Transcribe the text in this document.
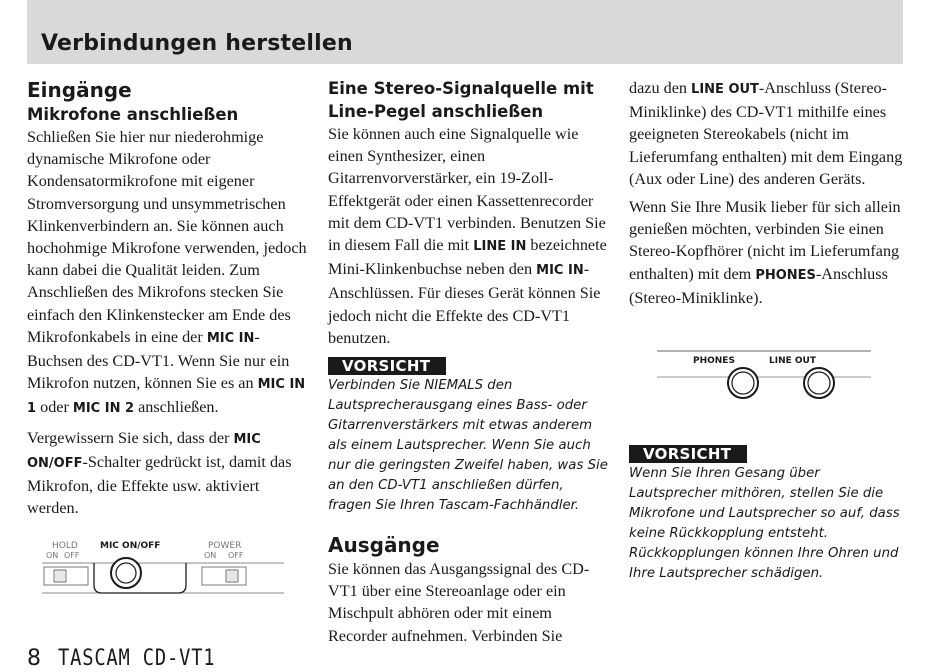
Verbindungen herstellen
Eingänge
Mikrofone anschließen

Schließen Sie hier nur niederohmige dynamische Mikrofone oder Kondensatormikrofone mit eigener Stromversorgung und unsymmetrischen Klinkenverbindern an. Sie können auch hochohmige Mikrofone verwenden, jedoch kann dabei die Qualität leiden. Zum Anschließen des Mikrofons stecken Sie einfach den Klinkenstecker am Ende des Mikrofonkabels in eine der MIC IN-Buchsen des CD-VT1. Wenn Sie nur ein Mikrofon nutzen, können Sie es an MIC IN 1 oder MIC IN 2 anschließen.

Vergewissern Sie sich, dass der MIC ON/OFF-Schalter gedrückt ist, damit das Mikrofon, die Effekte usw. aktiviert werden.

HOLD
ON OFF
MIC ON/OFF	POWER
ON OFF
Eine Stereo-Signalquelle mit Line-Pegel anschließen

Sie können auch eine Signalquelle wie einen Synthesizer, einen Gitarrenvorverstärker, ein 19-Zoll-Effektgerät oder einen Kassettenrecorder mit dem CD-VT1 verbinden. Benutzen Sie in diesem Fall die mit LINE IN bezeichnete Mini-Klinkenbuchse neben den MIC IN-Anschlüssen. Für dieses Gerät können Sie jedoch nicht die Effekte des CD-VT1 benutzen.

VORSICHT

Verbinden Sie NIEMALS den Lautsprecherausgang eines Bass- oder Gitarrenverstärkers mit etwas anderem als einem Lautsprecher. Wenn Sie auch nur die geringsten Zweifel haben, was Sie an den CD-VT1 anschließen dürfen, fragen Sie Ihren Tascam-Fachhändler.

Ausgänge

Sie können das Ausgangssignal des CD-VT1 über eine Stereoanlage oder ein Mischpult abhören oder mit einem Recorder aufnehmen. Verbinden Sie

dazu den LINE OUT-Anschluss (Stereo-Miniklinke) des CD-VT1 mithilfe eines geeigneten Stereokabels (nicht im Lieferumfang enthalten) mit dem Eingang (Aux oder Line) des anderen Geräts.

Wenn Sie Ihre Musik lieber für sich allein genießen möchten, verbinden Sie einen Stereo-Kopfhörer (nicht im Lieferumfang enthalten) mit dem PHONES-Anschluss (Stereo-Miniklinke).

PHONES	LINE OUT
VORSICHT

Wenn Sie Ihren Gesang über Lautsprecher mithören, stellen Sie die Mikrofone und Lautsprecher so auf, dass keine Rückkopplung entsteht. Rückkopplungen können Ihre Ohren und Ihre Lautsprecher schädigen.

8 TASCAM CD-VT1
